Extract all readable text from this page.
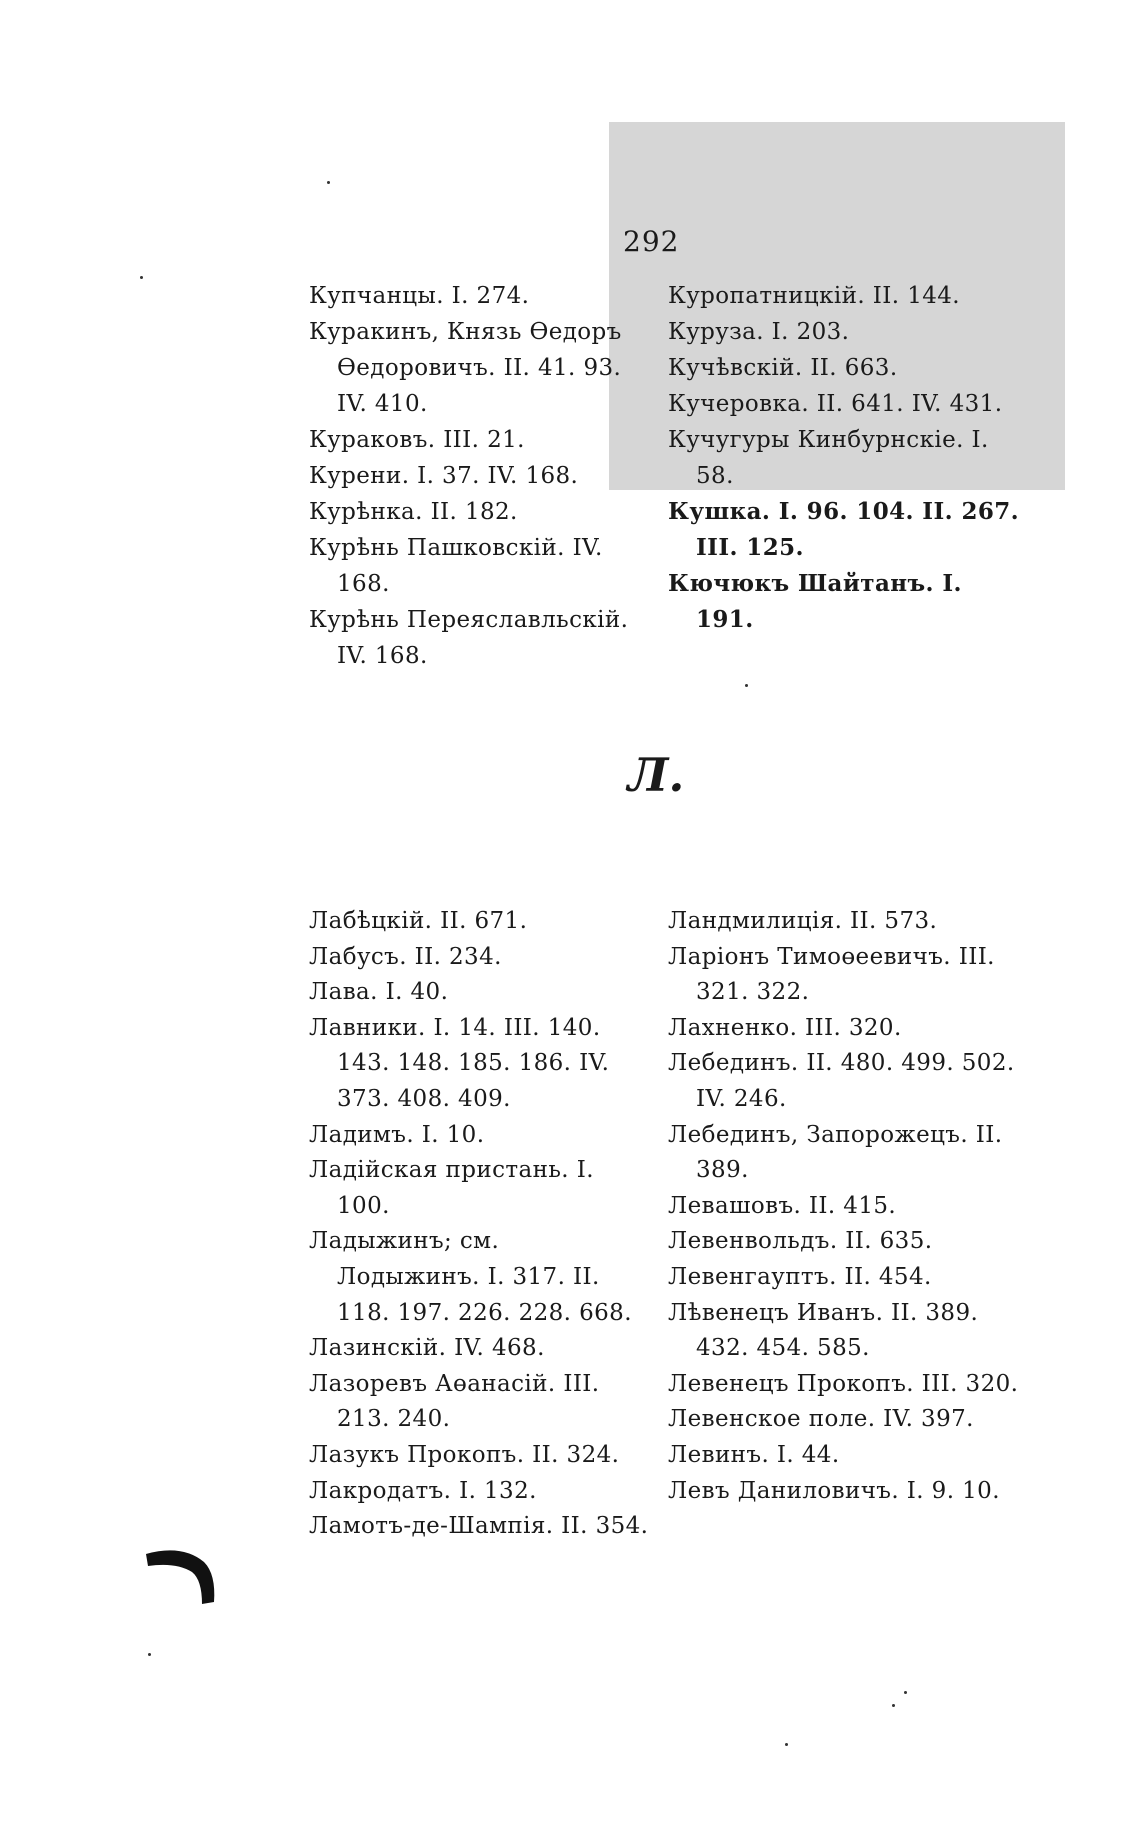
292

Купчанцы. I. 274.

Куракинъ, Князь Өедоръ Өедоровичъ. II. 41. 93. IV. 410.

Кураковъ. III. 21.

Курени. I. 37. IV. 168.

Курѣнка. II. 182.

Курѣнь Пашковскій. IV. 168.

Курѣнь Переяславльскій. IV. 168.

Куропатницкій. II. 144.

Куруза. I. 203.

Кучѣвскій. II. 663.

Кучеровка. II. 641. IV. 431.

Кучугуры Кинбурнскіе. I. 58.

Кушка. I. 96. 104. II. 267. III. 125.

Кючюкъ Шайтанъ. I. 191.

Л.

Лабѣцкій. II. 671.

Лабусъ. II. 234.

Лава. I. 40.

Лавники. I. 14. III. 140. 143. 148. 185. 186. IV. 373. 408. 409.

Ладимъ. I. 10.

Ладійская пристань. I. 100.

Ладыжинъ; см. Лодыжинъ. I. 317. II. 118. 197. 226. 228. 668.

Лазинскій. IV. 468.

Лазоревъ Аөанасій. III. 213. 240.

Лазукъ Прокопъ. II. 324.

Лакродатъ. I. 132.

Ламотъ-де-Шампія. II. 354.

Ландмилиція. II. 573.

Ларіонъ Тимоөеевичъ. III. 321. 322.

Лахненко. III. 320.

Лебединъ. II. 480. 499. 502. IV. 246.

Лебединъ, Запорожецъ. II. 389.

Левашовъ. II. 415.

Левенвольдъ. II. 635.

Левенгауптъ. II. 454.

Лѣвенецъ Иванъ. II. 389. 432. 454. 585.

Левенецъ Прокопъ. III. 320.

Левенское поле. IV. 397.

Левинъ. I. 44.

Левъ Даниловичъ. I. 9. 10.
